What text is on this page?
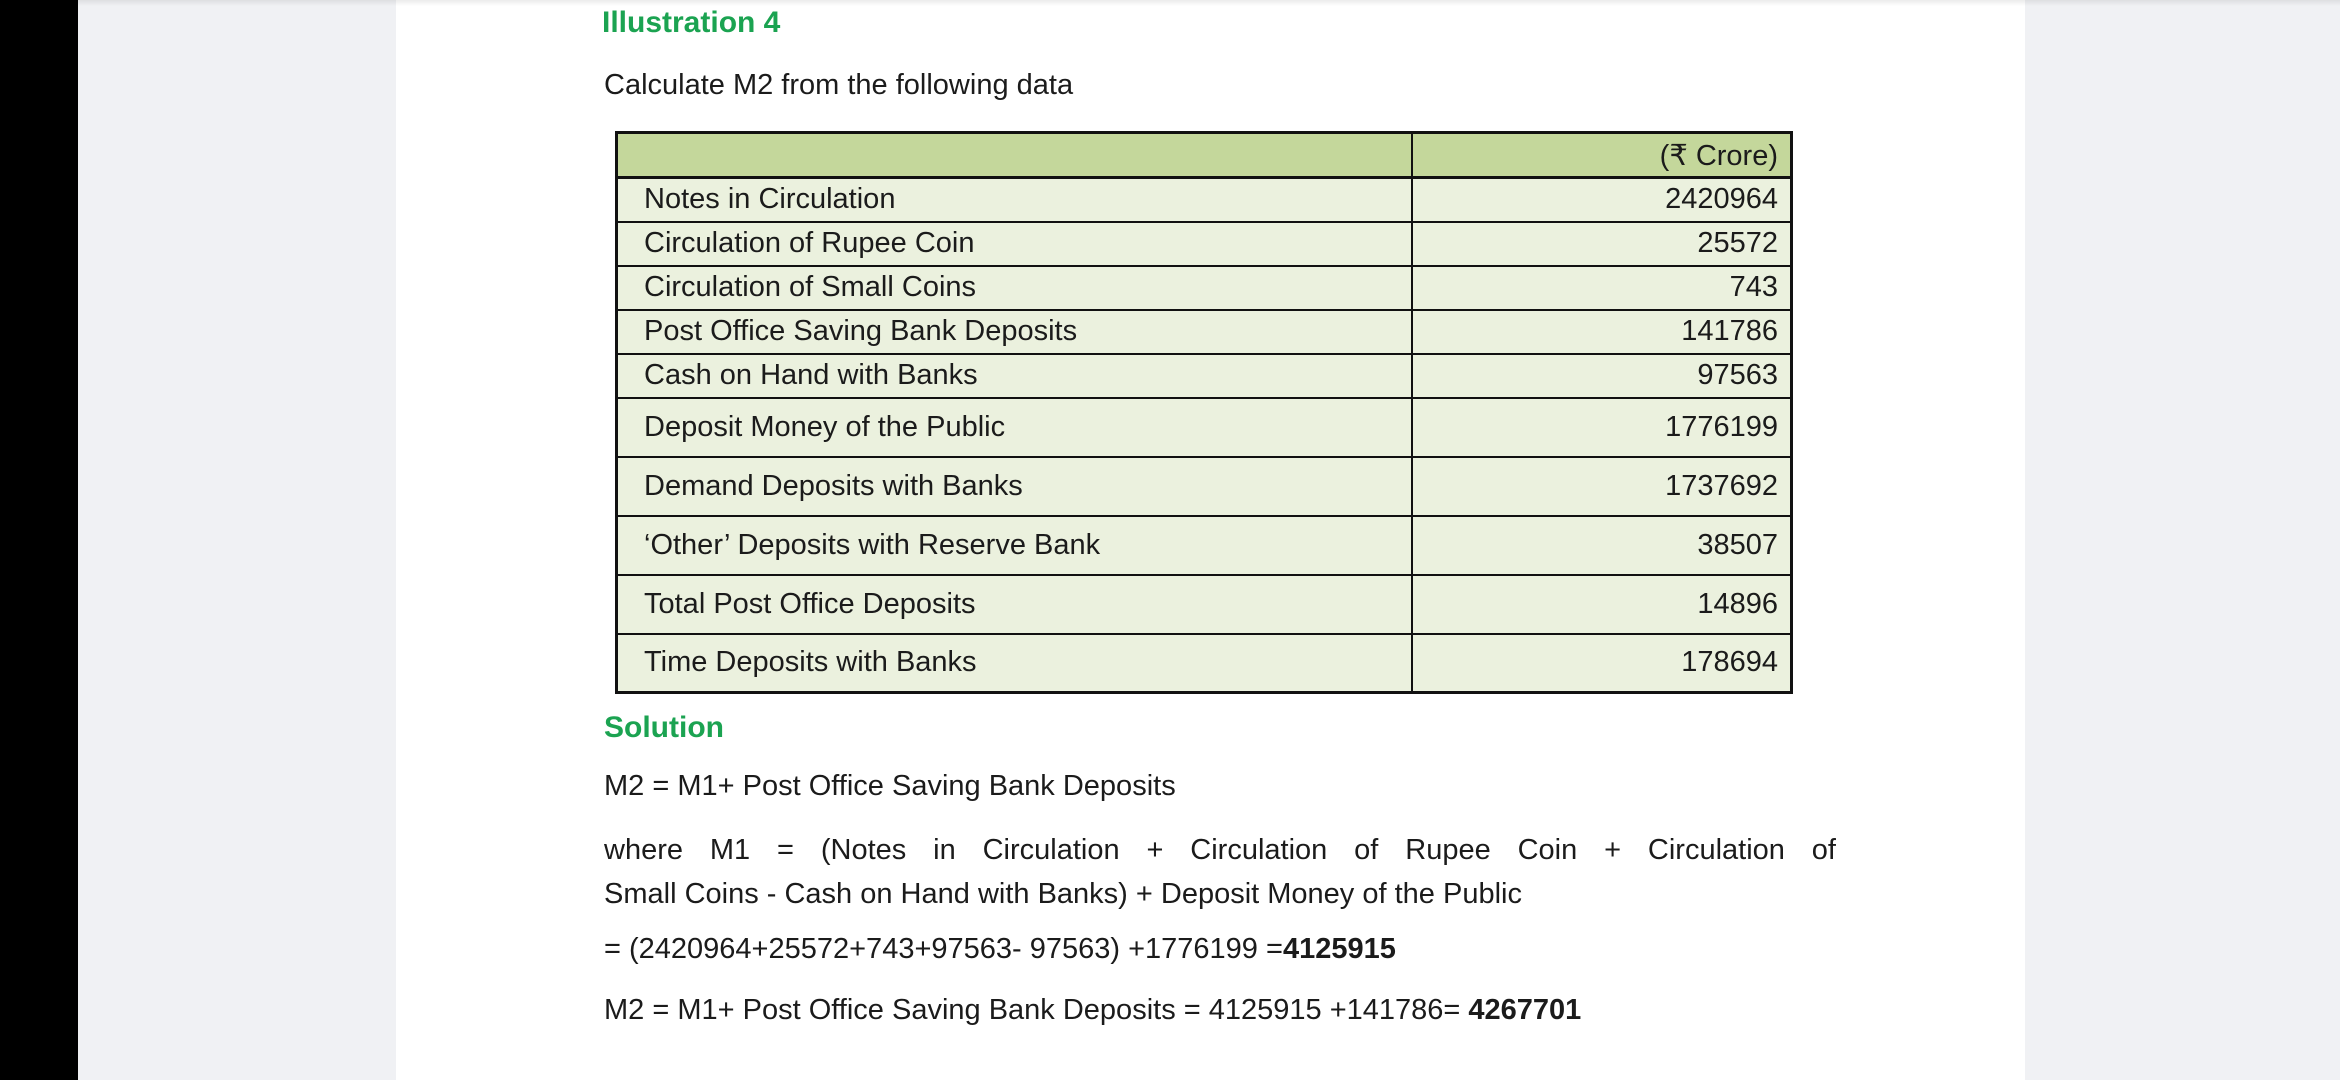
Illustration 4
Calculate M2 from the following data
	(₹ Crore)
Notes in Circulation	2420964
Circulation of Rupee Coin	25572
Circulation of Small Coins	743
Post Office Saving Bank Deposits	141786
Cash on Hand with Banks	97563
Deposit Money of the Public	1776199
Demand Deposits with Banks	1737692
‘Other’ Deposits with Reserve Bank	38507
Total Post Office Deposits	14896
Time Deposits with Banks	178694
Solution
M2 = M1+ Post Office Saving Bank Deposits
where M1 = (Notes in Circulation + Circulation of Rupee Coin + Circulation of
Small Coins - Cash on Hand with Banks) + Deposit Money of the Public
= (2420964+25572+743+97563- 97563) +1776199 =4125915
M2 = M1+ Post Office Saving Bank Deposits = 4125915 +141786= 4267701
